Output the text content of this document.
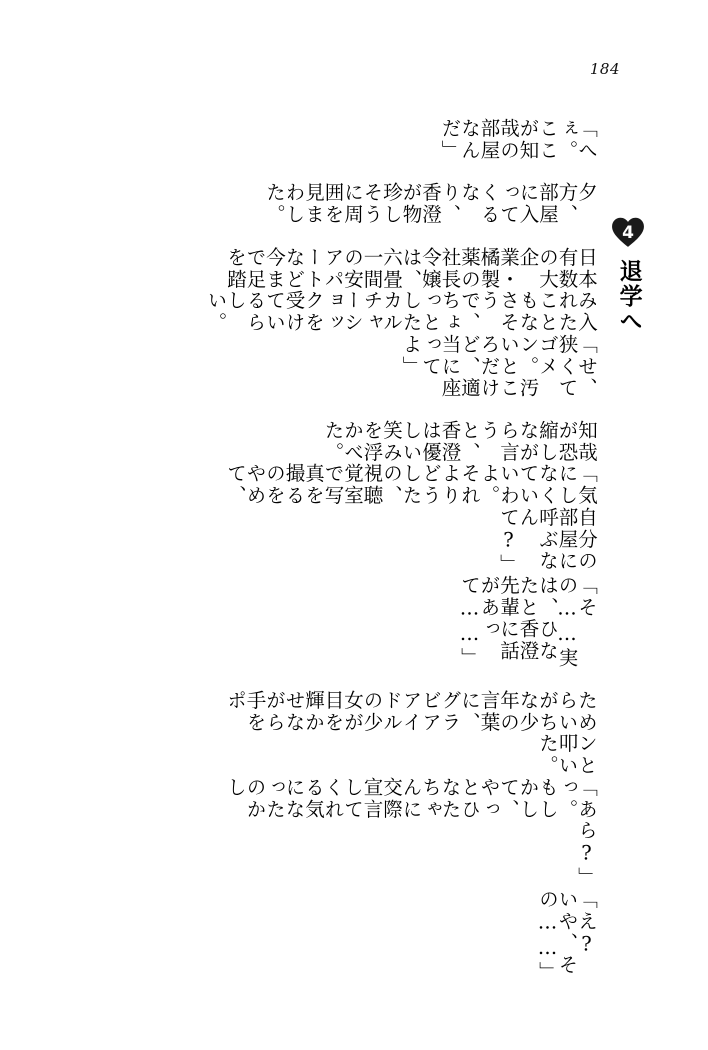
184
4
退学へ
「へぇ。ここが知哉の部屋なんだ」
夕方、部屋に入ってくるなり、香澄が物珍しそうに周囲を見まわした。
日本有数の大企業・橘製薬の社長令嬢は、六畳一間の安アパートなど今まで足を踏
み入れたこともなさそうで、ちょっとしたカルチャーショックを受けているらしい。
「せ、狭くてゴメン。汚いところだけど、適当に座ってよ」
知哉が恐縮しながら言うと、香澄は優しい笑みを浮かべた。
「気にしなくていいわよ。それよりどうしたの、視聴覚室で写真を撮るのをやめて、
自分の部屋に呼ぶなんて?」
「その……実は、ひなたと香澄先輩に話があって……」
ためらいがちな少年の言葉に、グラビアアイドルの少女が目を輝かせながら手をポ
ンと叩いた。
「あっ。もしかして、やっとひなたちゃんに交際宣言してくれる気になったのかし
ら?」
「え? いや、その……」
